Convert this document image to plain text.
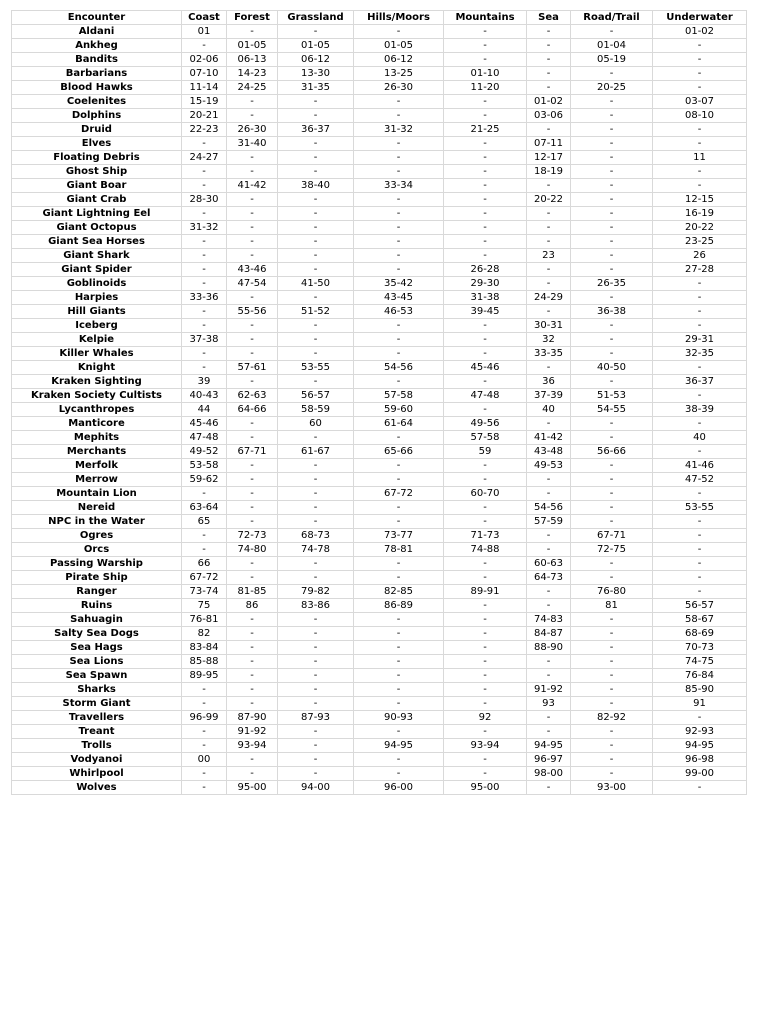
Encounter	Coast	Forest	Grassland	Hills/Moors	Mountains	Sea	Road/Trail	Underwater
Aldani	01	-	-	-	-	-	-	01-02
Ankheg	-	01-05	01-05	01-05	-	-	01-04	-
Bandits	02-06	06-13	06-12	06-12	-	-	05-19	-
Barbarians	07-10	14-23	13-30	13-25	01-10	-	-	-
Blood Hawks	11-14	24-25	31-35	26-30	11-20	-	20-25	-
Coelenites	15-19	-	-	-	-	01-02	-	03-07
Dolphins	20-21	-	-	-	-	03-06	-	08-10
Druid	22-23	26-30	36-37	31-32	21-25	-	-	-
Elves	-	31-40	-	-	-	07-11	-	-
Floating Debris	24-27	-	-	-	-	12-17	-	11
Ghost Ship	-	-	-	-	-	18-19	-	-
Giant Boar	-	41-42	38-40	33-34	-	-	-	-
Giant Crab	28-30	-	-	-	-	20-22	-	12-15
Giant Lightning Eel	-	-	-	-	-	-	-	16-19
Giant Octopus	31-32	-	-	-	-	-	-	20-22
Giant Sea Horses	-	-	-	-	-	-	-	23-25
Giant Shark	-	-	-	-	-	23	-	26
Giant Spider	-	43-46	-	-	26-28	-	-	27-28
Goblinoids	-	47-54	41-50	35-42	29-30	-	26-35	-
Harpies	33-36	-	-	43-45	31-38	24-29	-	-
Hill Giants	-	55-56	51-52	46-53	39-45	-	36-38	-
Iceberg	-	-	-	-	-	30-31	-	-
Kelpie	37-38	-	-	-	-	32	-	29-31
Killer Whales	-	-	-	-	-	33-35	-	32-35
Knight	-	57-61	53-55	54-56	45-46	-	40-50	-
Kraken Sighting	39	-	-	-	-	36	-	36-37
Kraken Society Cultists	40-43	62-63	56-57	57-58	47-48	37-39	51-53	-
Lycanthropes	44	64-66	58-59	59-60	-	40	54-55	38-39
Manticore	45-46	-	60	61-64	49-56	-	-	-
Mephits	47-48	-	-	-	57-58	41-42	-	40
Merchants	49-52	67-71	61-67	65-66	59	43-48	56-66	-
Merfolk	53-58	-	-	-	-	49-53	-	41-46
Merrow	59-62	-	-	-	-	-	-	47-52
Mountain Lion	-	-	-	67-72	60-70	-	-	-
Nereid	63-64	-	-	-	-	54-56	-	53-55
NPC in the Water	65	-	-	-	-	57-59	-	-
Ogres	-	72-73	68-73	73-77	71-73	-	67-71	-
Orcs	-	74-80	74-78	78-81	74-88	-	72-75	-
Passing Warship	66	-	-	-	-	60-63	-	-
Pirate Ship	67-72	-	-	-	-	64-73	-	-
Ranger	73-74	81-85	79-82	82-85	89-91	-	76-80	-
Ruins	75	86	83-86	86-89	-	-	81	56-57
Sahuagin	76-81	-	-	-	-	74-83	-	58-67
Salty Sea Dogs	82	-	-	-	-	84-87	-	68-69
Sea Hags	83-84	-	-	-	-	88-90	-	70-73
Sea Lions	85-88	-	-	-	-	-	-	74-75
Sea Spawn	89-95	-	-	-	-	-	-	76-84
Sharks	-	-	-	-	-	91-92	-	85-90
Storm Giant	-	-	-	-	-	93	-	91
Travellers	96-99	87-90	87-93	90-93	92	-	82-92	-
Treant	-	91-92	-	-	-	-	-	92-93
Trolls	-	93-94	-	94-95	93-94	94-95	-	94-95
Vodyanoi	00	-	-	-	-	96-97	-	96-98
Whirlpool	-	-	-	-	-	98-00	-	99-00
Wolves	-	95-00	94-00	96-00	95-00	-	93-00	-
